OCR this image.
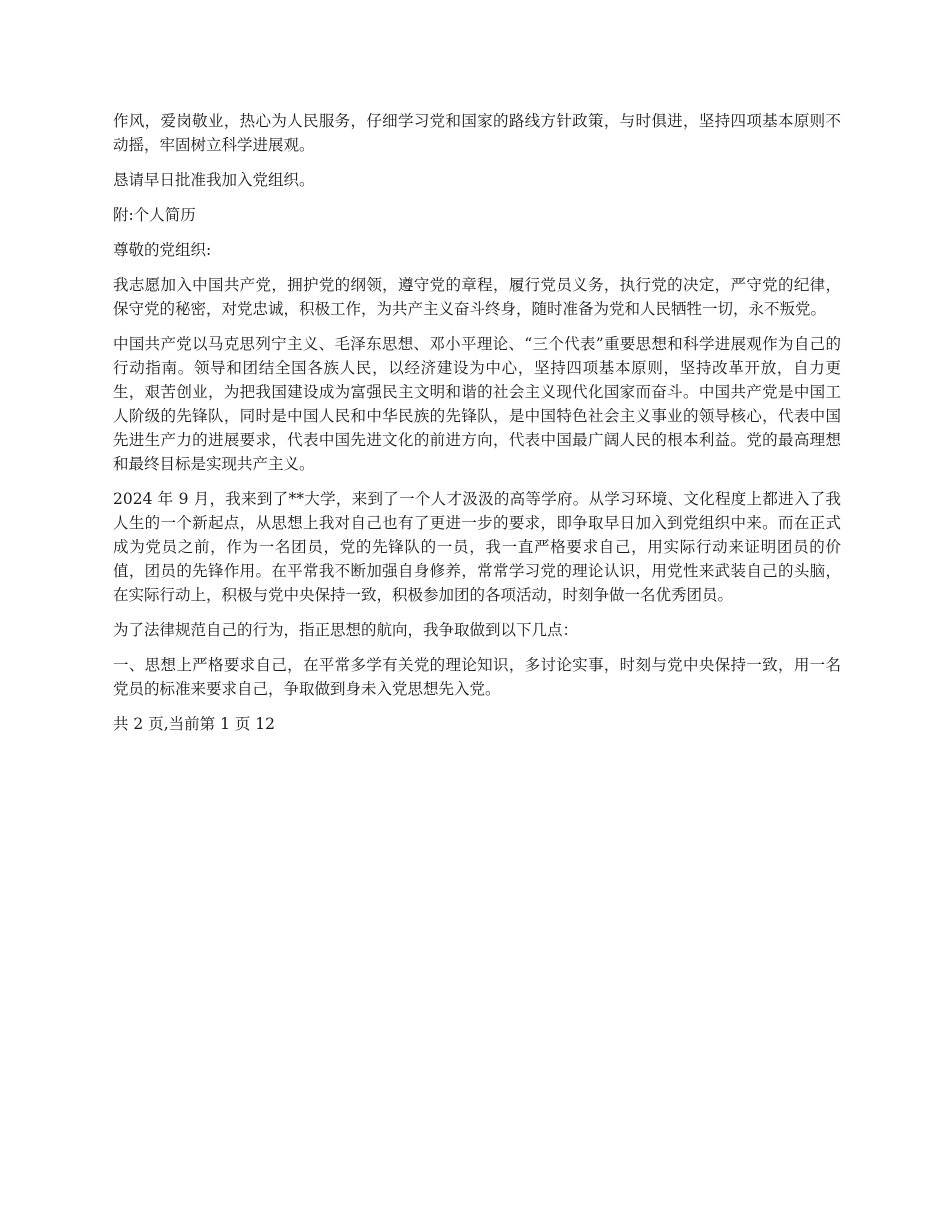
作风，爱岗敬业，热心为人民服务，仔细学习党和国家的路线方针政策，与时俱进，坚持四项基本原则不动摇，牢固树立科学进展观。

恳请早日批准我加入党组织。

附:个人简历

尊敬的党组织:

我志愿加入中国共产党，拥护党的纲领，遵守党的章程，履行党员义务，执行党的决定，严守党的纪律，保守党的秘密，对党忠诚，积极工作，为共产主义奋斗终身，随时准备为党和人民牺牲一切，永不叛党。

中国共产党以马克思列宁主义、毛泽东思想、邓小平理论、“三个代表”重要思想和科学进展观作为自己的行动指南。领导和团结全国各族人民，以经济建设为中心，坚持四项基本原则，坚持改革开放，自力更生，艰苦创业，为把我国建设成为富强民主文明和谐的社会主义现代化国家而奋斗。中国共产党是中国工人阶级的先锋队，同时是中国人民和中华民族的先锋队，是中国特色社会主义事业的领导核心，代表中国先进生产力的进展要求，代表中国先进文化的前进方向，代表中国最广阔人民的根本利益。党的最高理想和最终目标是实现共产主义。

2024 年 9 月，我来到了**大学，来到了一个人才汲汲的高等学府。从学习环境、文化程度上都进入了我人生的一个新起点，从思想上我对自己也有了更进一步的要求，即争取早日加入到党组织中来。而在正式成为党员之前，作为一名团员，党的先锋队的一员，我一直严格要求自己，用实际行动来证明团员的价值，团员的先锋作用。在平常我不断加强自身修养，常常学习党的理论认识，用党性来武装自己的头脑，在实际行动上，积极与党中央保持一致，积极参加团的各项活动，时刻争做一名优秀团员。

为了法律规范自己的行为，指正思想的航向，我争取做到以下几点：

一、思想上严格要求自己，在平常多学有关党的理论知识，多讨论实事，时刻与党中央保持一致，用一名党员的标准来要求自己，争取做到身未入党思想先入党。

共 2 页,当前第 1 页 12
